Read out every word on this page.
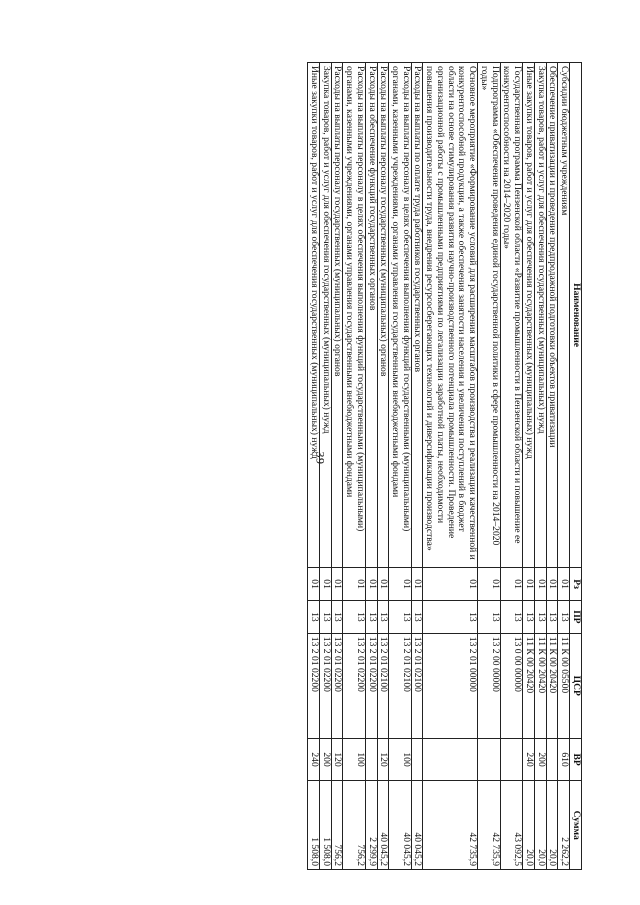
39
Наименование	Рз	ПР	ЦСР	ВР	Сумма
Субсидии бюджетным учреждениям	01	13	11 К 00 05500	610	2 262,2
Обеспечение приватизации и проведение предпродажной подготовки объектов приватизации	01	13	11 К 00 20420		20,0
Закупка товаров, работ и услуг для обеспечения государственных (муниципальных) нужд	01	13	11 К 00 20420	200	20,0
Иные закупки товаров, работ и услуг для обеспечения государственных (муниципальных) нужд	01	13	11 К 00 20420	240	20,0
Государственная программа Пензенской области «Развитие промышленности в Пензенской области и повышение ее конкурентоспособности на 2014–2020 годы»	01	13	13 0 00 00000		43 092,5
Подпрограмма «Обеспечение проведения единой государственной политики в сфере промышленности на 2014–2020 годы»	01	13	13 2 00 00000		42 735,9
Основное мероприятие «Формирование условий для расширения масштабов производства и реализации качественной и конкурентоспособной продукции, а также обеспечения занятости населения и увеличения поступлений в бюджет области на основе стимулирования развития научно-производственного потенциала промышленности. Проведение организационной работы с промышленными предприятиями по легализации заработной платы, необходимости повышения производительности труда, внедрения ресурсосберегающих технологий и диверсификации производства»	01	13	13 2 01 00000		42 735,9
Расходы на выплаты по оплате труда работников государственных органов	01	13	13 2 01 02100		40 045,2
Расходы на выплаты персоналу в целях обеспечения выполнения функций государственными (муниципальными) органами, казенными учреждениями, органами управления государственными внебюджетными фондами	01	13	13 2 01 02100	100	40 045,2
Расходы на выплаты персоналу государственных (муниципальных) органов	01	13	13 2 01 02100	120	40 045,2
Расходы на обеспечение функций государственных органов	01	13	13 2 01 02200		2 299,9
Расходы на выплаты персоналу в целях обеспечения выполнения функций государственными (муниципальными) органами, казенными учреждениями, органами управления государственными внебюджетными фондами	01	13	13 2 01 02200	100	756,2
Расходы на выплаты персоналу государственных (муниципальных) органов	01	13	13 2 01 02200	120	756,2
Закупка товаров, работ и услуг для обеспечения государственных (муниципальных) нужд	01	13	13 2 01 02200	200	1 508,0
Иные закупки товаров, работ и услуг для обеспечения государственных (муниципальных) нужд	01	13	13 2 01 02200	240	1 508,0
